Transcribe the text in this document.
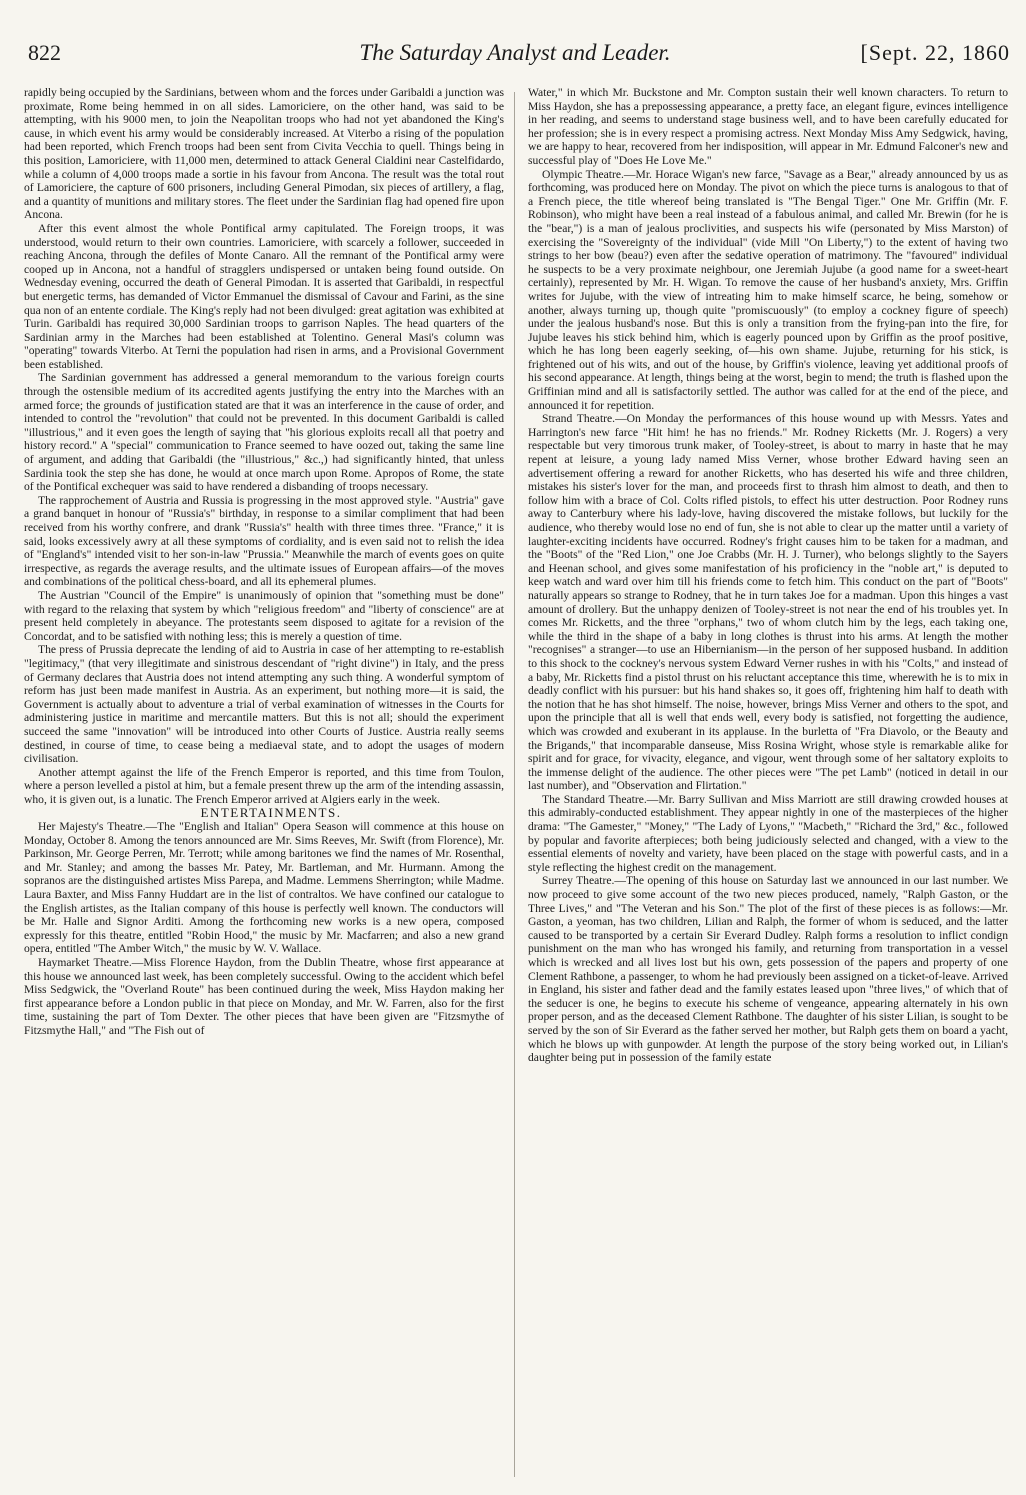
822	The Saturday Analyst and Leader.	[Sept. 22, 1860

rapidly being occupied by the Sardinians, between whom and the forces under Garibaldi a junction was proximate, Rome being hemmed in on all sides. Lamoriciere, on the other hand, was said to be attempting, with his 9000 men, to join the Neapolitan troops who had not yet abandoned the King's cause, in which event his army would be considerably increased. At Viterbo a rising of the population had been reported, which French troops had been sent from Civita Vecchia to quell. Things being in this position, Lamoriciere, with 11,000 men, determined to attack General Cialdini near Castelfidardo, while a column of 4,000 troops made a sortie in his favour from Ancona. The result was the total rout of Lamoriciere, the capture of 600 prisoners, including General Pimodan, six pieces of artillery, a flag, and a quantity of munitions and military stores. The fleet under the Sardinian flag had opened fire upon Ancona.

After this event almost the whole Pontifical army capitulated. The Foreign troops, it was understood, would return to their own countries. Lamoriciere, with scarcely a follower, succeeded in reaching Ancona, through the defiles of Monte Canaro. All the remnant of the Pontifical army were cooped up in Ancona, not a handful of stragglers undispersed or untaken being found outside. On Wednesday evening, occurred the death of General Pimodan. It is asserted that Garibaldi, in respectful but energetic terms, has demanded of Victor Emmanuel the dismissal of Cavour and Farini, as the sine qua non of an entente cordiale. The King's reply had not been divulged: great agitation was exhibited at Turin. Garibaldi has required 30,000 Sardinian troops to garrison Naples. The head quarters of the Sardinian army in the Marches had been established at Tolentino. General Masi's column was "operating" towards Viterbo. At Terni the population had risen in arms, and a Provisional Government been established.

The Sardinian government has addressed a general memorandum to the various foreign courts through the ostensible medium of its accredited agents justifying the entry into the Marches with an armed force; the grounds of justification stated are that it was an interference in the cause of order, and intended to control the "revolution" that could not be prevented. In this document Garibaldi is called "illustrious," and it even goes the length of saying that "his glorious exploits recall all that poetry and history record." A "special" communication to France seemed to have oozed out, taking the same line of argument, and adding that Garibaldi (the "illustrious," &c.,) had significantly hinted, that unless Sardinia took the step she has done, he would at once march upon Rome. Apropos of Rome, the state of the Pontifical exchequer was said to have rendered a disbanding of troops necessary.

The rapprochement of Austria and Russia is progressing in the most approved style. "Austria" gave a grand banquet in honour of "Russia's" birthday, in response to a similar compliment that had been received from his worthy confrere, and drank "Russia's" health with three times three. "France," it is said, looks excessively awry at all these symptoms of cordiality, and is even said not to relish the idea of "England's" intended visit to her son-in-law "Prussia." Meanwhile the march of events goes on quite irrespective, as regards the average results, and the ultimate issues of European affairs—of the moves and combinations of the political chess-board, and all its ephemeral plumes.

The Austrian "Council of the Empire" is unanimously of opinion that "something must be done" with regard to the relaxing that system by which "religious freedom" and "liberty of conscience" are at present held completely in abeyance. The protestants seem disposed to agitate for a revision of the Concordat, and to be satisfied with nothing less; this is merely a question of time.

The press of Prussia deprecate the lending of aid to Austria in case of her attempting to re-establish "legitimacy," (that very illegitimate and sinistrous descendant of "right divine") in Italy, and the press of Germany declares that Austria does not intend attempting any such thing. A wonderful symptom of reform has just been made manifest in Austria. As an experiment, but nothing more—it is said, the Government is actually about to adventure a trial of verbal examination of witnesses in the Courts for administering justice in maritime and mercantile matters. But this is not all; should the experiment succeed the same "innovation" will be introduced into other Courts of Justice. Austria really seems destined, in course of time, to cease being a mediaeval state, and to adopt the usages of modern civilisation.

Another attempt against the life of the French Emperor is reported, and this time from Toulon, where a person levelled a pistol at him, but a female present threw up the arm of the intending assassin, who, it is given out, is a lunatic. The French Emperor arrived at Algiers early in the week.

ENTERTAINMENTS.

Her Majesty's Theatre.—The "English and Italian" Opera Season will commence at this house on Monday, October 8. Among the tenors announced are Mr. Sims Reeves, Mr. Swift (from Florence), Mr. Parkinson, Mr. George Perren, Mr. Terrott; while among baritones we find the names of Mr. Rosenthal, and Mr. Stanley; and among the basses Mr. Patey, Mr. Bartleman, and Mr. Hurmann. Among the sopranos are the distinguished artistes Miss Parepa, and Madme. Lemmens Sherrington; while Madme. Laura Baxter, and Miss Fanny Huddart are in the list of contraltos. We have confined our catalogue to the English artistes, as the Italian company of this house is perfectly well known. The conductors will be Mr. Halle and Signor Arditi. Among the forthcoming new works is a new opera, composed expressly for this theatre, entitled "Robin Hood," the music by Mr. Macfarren; and also a new grand opera, entitled "The Amber Witch," the music by W. V. Wallace.

Haymarket Theatre.—Miss Florence Haydon, from the Dublin Theatre, whose first appearance at this house we announced last week, has been completely successful. Owing to the accident which befel Miss Sedgwick, the "Overland Route" has been continued during the week, Miss Haydon making her first appearance before a London public in that piece on Monday, and Mr. W. Farren, also for the first time, sustaining the part of Tom Dexter. The other pieces that have been given are "Fitzsmythe of Fitzsmythe Hall," and "The Fish out of

Water," in which Mr. Buckstone and Mr. Compton sustain their well known characters. To return to Miss Haydon, she has a prepossessing appearance, a pretty face, an elegant figure, evinces intelligence in her reading, and seems to understand stage business well, and to have been carefully educated for her profession; she is in every respect a promising actress. Next Monday Miss Amy Sedgwick, having, we are happy to hear, recovered from her indisposition, will appear in Mr. Edmund Falconer's new and successful play of "Does He Love Me."

Olympic Theatre.—Mr. Horace Wigan's new farce, "Savage as a Bear," already announced by us as forthcoming, was produced here on Monday. The pivot on which the piece turns is analogous to that of a French piece, the title whereof being translated is "The Bengal Tiger." One Mr. Griffin (Mr. F. Robinson), who might have been a real instead of a fabulous animal, and called Mr. Brewin (for he is the "bear,") is a man of jealous proclivities, and suspects his wife (personated by Miss Marston) of exercising the "Sovereignty of the individual" (vide Mill "On Liberty,") to the extent of having two strings to her bow (beau?) even after the sedative operation of matrimony. The "favoured" individual he suspects to be a very proximate neighbour, one Jeremiah Jujube (a good name for a sweet-heart certainly), represented by Mr. H. Wigan. To remove the cause of her husband's anxiety, Mrs. Griffin writes for Jujube, with the view of intreating him to make himself scarce, he being, somehow or another, always turning up, though quite "promiscuously" (to employ a cockney figure of speech) under the jealous husband's nose. But this is only a transition from the frying-pan into the fire, for Jujube leaves his stick behind him, which is eagerly pounced upon by Griffin as the proof positive, which he has long been eagerly seeking, of—his own shame. Jujube, returning for his stick, is frightened out of his wits, and out of the house, by Griffin's violence, leaving yet additional proofs of his second appearance. At length, things being at the worst, begin to mend; the truth is flashed upon the Griffinian mind and all is satisfactorily settled. The author was called for at the end of the piece, and announced it for repetition.

Strand Theatre.—On Monday the performances of this house wound up with Messrs. Yates and Harrington's new farce "Hit him! he has no friends." Mr. Rodney Ricketts (Mr. J. Rogers) a very respectable but very timorous trunk maker, of Tooley-street, is about to marry in haste that he may repent at leisure, a young lady named Miss Verner, whose brother Edward having seen an advertisement offering a reward for another Ricketts, who has deserted his wife and three children, mistakes his sister's lover for the man, and proceeds first to thrash him almost to death, and then to follow him with a brace of Col. Colts rifled pistols, to effect his utter destruction. Poor Rodney runs away to Canterbury where his lady-love, having discovered the mistake follows, but luckily for the audience, who thereby would lose no end of fun, she is not able to clear up the matter until a variety of laughter-exciting incidents have occurred. Rodney's fright causes him to be taken for a madman, and the "Boots" of the "Red Lion," one Joe Crabbs (Mr. H. J. Turner), who belongs slightly to the Sayers and Heenan school, and gives some manifestation of his proficiency in the "noble art," is deputed to keep watch and ward over him till his friends come to fetch him. This conduct on the part of "Boots" naturally appears so strange to Rodney, that he in turn takes Joe for a madman. Upon this hinges a vast amount of drollery. But the unhappy denizen of Tooley-street is not near the end of his troubles yet. In comes Mr. Ricketts, and the three "orphans," two of whom clutch him by the legs, each taking one, while the third in the shape of a baby in long clothes is thrust into his arms. At length the mother "recognises" a stranger—to use an Hibernianism—in the person of her supposed husband. In addition to this shock to the cockney's nervous system Edward Verner rushes in with his "Colts," and instead of a baby, Mr. Ricketts find a pistol thrust on his reluctant acceptance this time, wherewith he is to mix in deadly conflict with his pursuer: but his hand shakes so, it goes off, frightening him half to death with the notion that he has shot himself. The noise, however, brings Miss Verner and others to the spot, and upon the principle that all is well that ends well, every body is satisfied, not forgetting the audience, which was crowded and exuberant in its applause. In the burletta of "Fra Diavolo, or the Beauty and the Brigands," that incomparable danseuse, Miss Rosina Wright, whose style is remarkable alike for spirit and for grace, for vivacity, elegance, and vigour, went through some of her saltatory exploits to the immense delight of the audience. The other pieces were "The pet Lamb" (noticed in detail in our last number), and "Observation and Flirtation."

The Standard Theatre.—Mr. Barry Sullivan and Miss Marriott are still drawing crowded houses at this admirably-conducted establishment. They appear nightly in one of the masterpieces of the higher drama: "The Gamester," "Money," "The Lady of Lyons," "Macbeth," "Richard the 3rd," &c., followed by popular and favorite afterpieces; both being judiciously selected and changed, with a view to the essential elements of novelty and variety, have been placed on the stage with powerful casts, and in a style reflecting the highest credit on the management.

Surrey Theatre.—The opening of this house on Saturday last we announced in our last number. We now proceed to give some account of the two new pieces produced, namely, "Ralph Gaston, or the Three Lives," and "The Veteran and his Son." The plot of the first of these pieces is as follows:—Mr. Gaston, a yeoman, has two children, Lilian and Ralph, the former of whom is seduced, and the latter caused to be transported by a certain Sir Everard Dudley. Ralph forms a resolution to inflict condign punishment on the man who has wronged his family, and returning from transportation in a vessel which is wrecked and all lives lost but his own, gets possession of the papers and property of one Clement Rathbone, a passenger, to whom he had previously been assigned on a ticket-of-leave. Arrived in England, his sister and father dead and the family estates leased upon "three lives," of which that of the seducer is one, he begins to execute his scheme of vengeance, appearing alternately in his own proper person, and as the deceased Clement Rathbone. The daughter of his sister Lilian, is sought to be served by the son of Sir Everard as the father served her mother, but Ralph gets them on board a yacht, which he blows up with gunpowder. At length the purpose of the story being worked out, in Lilian's daughter being put in possession of the family estate
